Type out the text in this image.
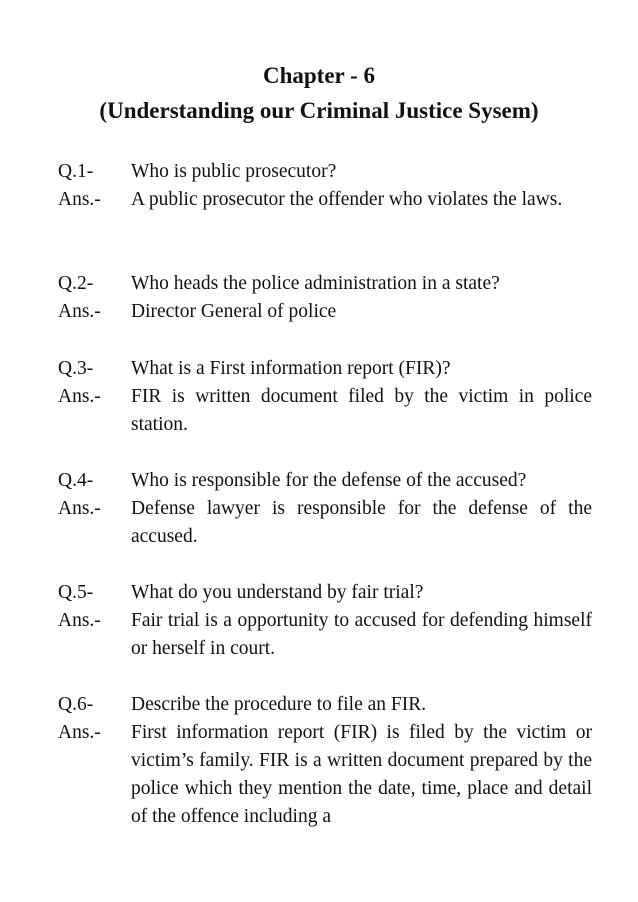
Chapter - 6
(Understanding our Criminal Justice Sysem)
Q.1- Who is public prosecutor?
Ans.- A public prosecutor the offender who violates the laws.
Q.2- Who heads the police administration in a state?
Ans.- Director General of police
Q.3- What is a First information report (FIR)?
Ans.- FIR is written document filed by the victim in police station.
Q.4- Who is responsible for the defense of the accused?
Ans.- Defense lawyer is responsible for the defense of the accused.
Q.5- What do you understand by fair trial?
Ans.- Fair trial is a opportunity to accused for defending himself or herself in court.
Q.6- Describe the procedure to file an FIR.
Ans.- First information report (FIR) is filed by the victim or victim’s family. FIR is a written document prepared by the police which they mention the date, time, place and detail of the offence including a
